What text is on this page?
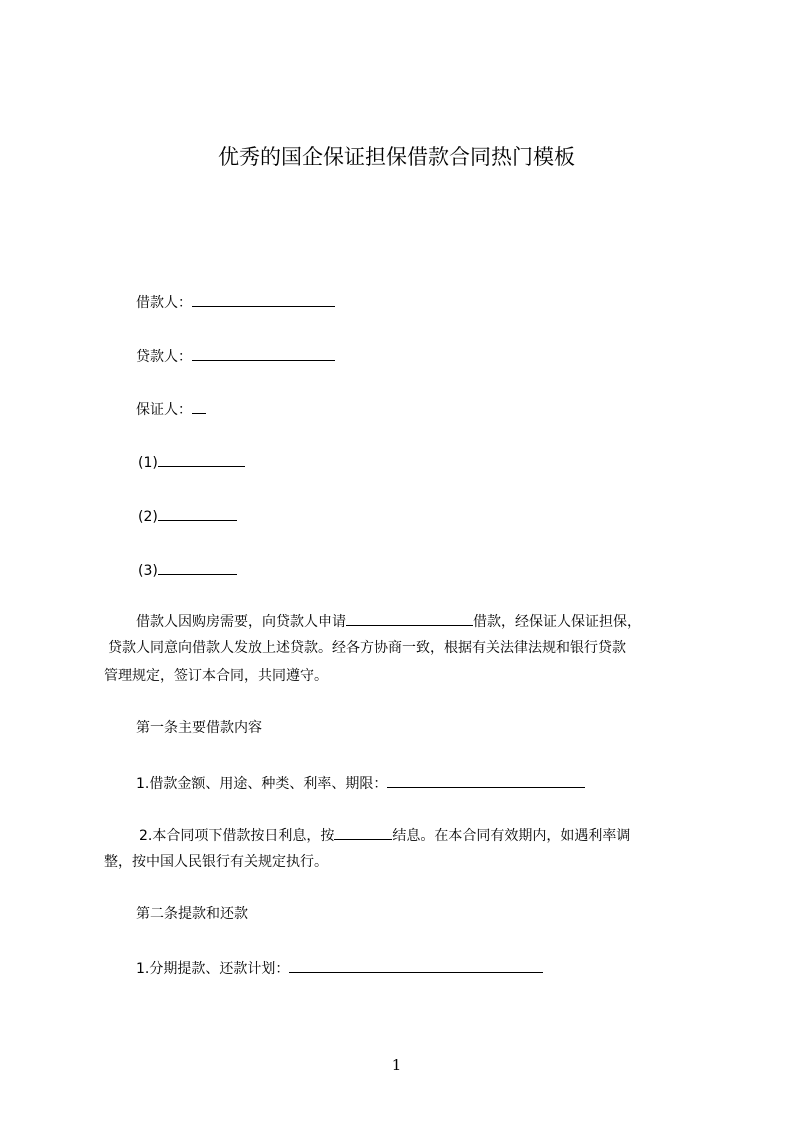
优秀的国企保证担保借款合同热门模板
借款人：
贷款人：
保证人：
(1)
(2)
(3)
借款人因购房需要，向贷款人申请	借款，经保证人保证担保，
贷款人同意向借款人发放上述贷款。经各方协商一致，根据有关法律法规和银行贷款
管理规定，签订本合同，共同遵守。
第一条主要借款内容
1.借款金额、用途、种类、利率、期限：
2.本合同项下借款按日利息，按	结息。在本合同有效期内，如遇利率调
整，按中国人民银行有关规定执行。
第二条提款和还款
1.分期提款、还款计划：
1
